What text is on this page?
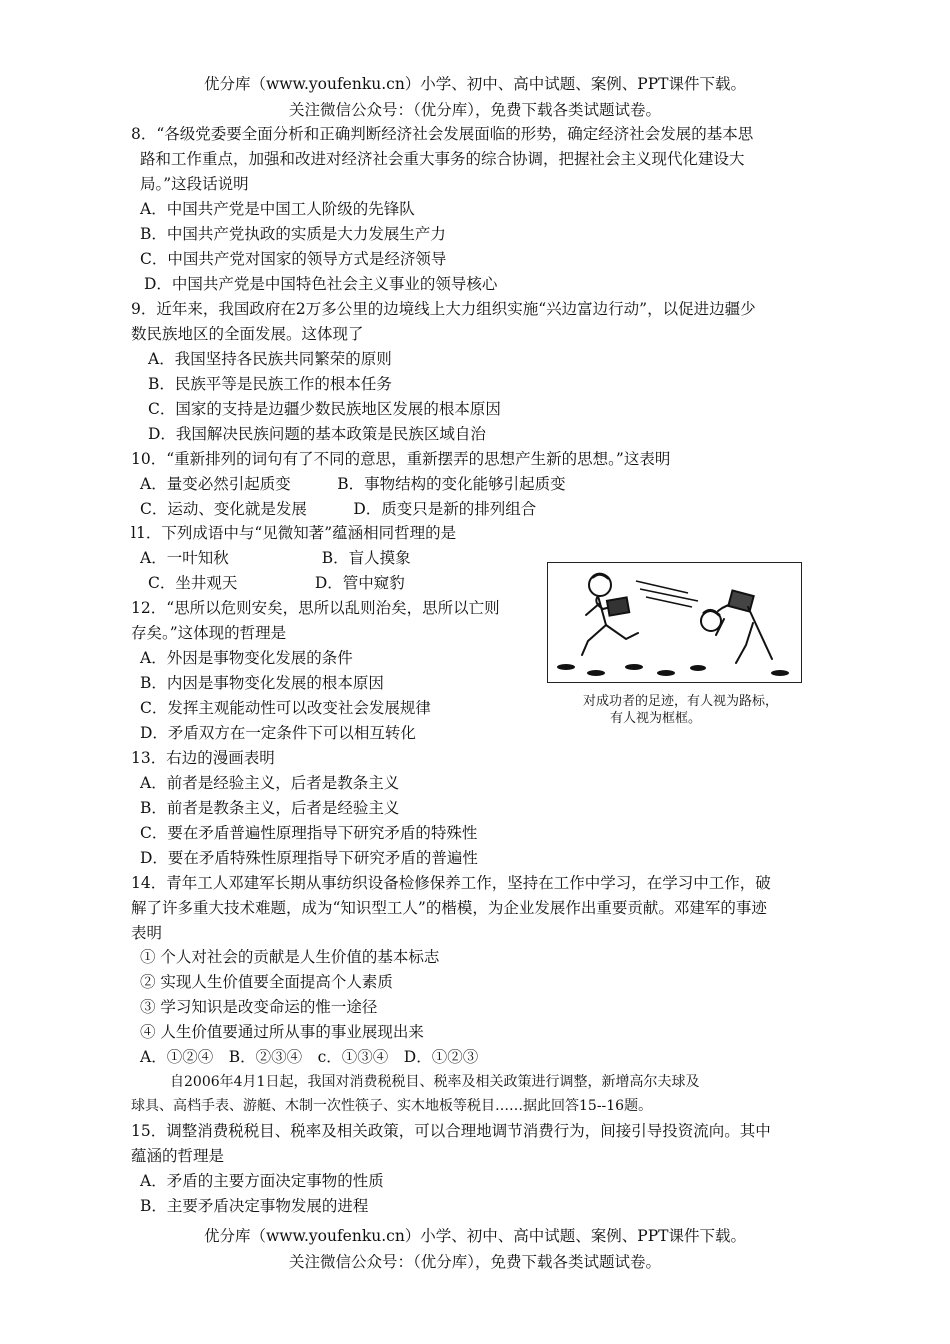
优分库（www.youfenku.cn）小学、初中、高中试题、案例、PPT课件下载。
关注微信公众号：（优分库），免费下载各类试题试卷。
8．“各级党委要全面分析和正确判断经济社会发展面临的形势，确定经济社会发展的基本思
路和工作重点，加强和改进对经济社会重大事务的综合协调，把握社会主义现代化建设大
局。”这段话说明
A．中国共产党是中国工人阶级的先锋队
B．中国共产党执政的实质是大力发展生产力
C．中国共产党对国家的领导方式是经济领导
D．中国共产党是中国特色社会主义事业的领导核心
9．近年来，我国政府在2万多公里的边境线上大力组织实施“兴边富边行动”，以促进边疆少
数民族地区的全面发展。这体现了
A．我国坚持各民族共同繁荣的原则
B．民族平等是民族工作的根本任务
C．国家的支持是边疆少数民族地区发展的根本原因
D．我国解决民族问题的基本政策是民族区域自治
10．“重新排列的词句有了不同的意思，重新摆弄的思想产生新的思想。”这表明
A．量变必然引起质变　　　B．事物结构的变化能够引起质变
C．运动、变化就是发展　　　D．质变只是新的排列组合
l1．下列成语中与“见微知著”蕴涵相同哲理的是
A．一叶知秋　　　　　　B．盲人摸象
C．坐井观天　　　　　D．管中窥豹
12．“思所以危则安矣，思所以乱则治矣，思所以亡则
存矣。”这体现的哲理是
A．外因是事物变化发展的条件
B．内因是事物变化发展的根本原因
C．发挥主观能动性可以改变社会发展规律
D．矛盾双方在一定条件下可以相互转化
对成功者的足迹，有人视为路标，
有人视为框框。
13．右边的漫画表明
A．前者是经验主义，后者是教条主义
B．前者是教条主义，后者是经验主义
C．要在矛盾普遍性原理指导下研究矛盾的特殊性
D．要在矛盾特殊性原理指导下研究矛盾的普遍性
14．青年工人邓建军长期从事纺织设备检修保养工作，坚持在工作中学习，在学习中工作，破
解了许多重大技术难题，成为“知识型工人”的楷模，为企业发展作出重要贡献。邓建军的事迹
表明
① 个人对社会的贡献是人生价值的基本标志
② 实现人生价值要全面提高个人素质
③ 学习知识是改变命运的惟一途径
④ 人生价值要通过所从事的事业展现出来
A．①②④　B．②③④　c．①③④　D．①②③
自2006年4月1日起，我国对消费税税目、税率及相关政策进行调整，新增高尔夫球及
球具、高档手表、游艇、木制一次性筷子、实木地板等税目……据此回答15--16题。
15．调整消费税税目、税率及相关政策，可以合理地调节消费行为，间接引导投资流向。其中
蕴涵的哲理是
A．矛盾的主要方面决定事物的性质
B．主要矛盾决定事物发展的进程
优分库（www.youfenku.cn）小学、初中、高中试题、案例、PPT课件下载。
关注微信公众号：（优分库），免费下载各类试题试卷。
